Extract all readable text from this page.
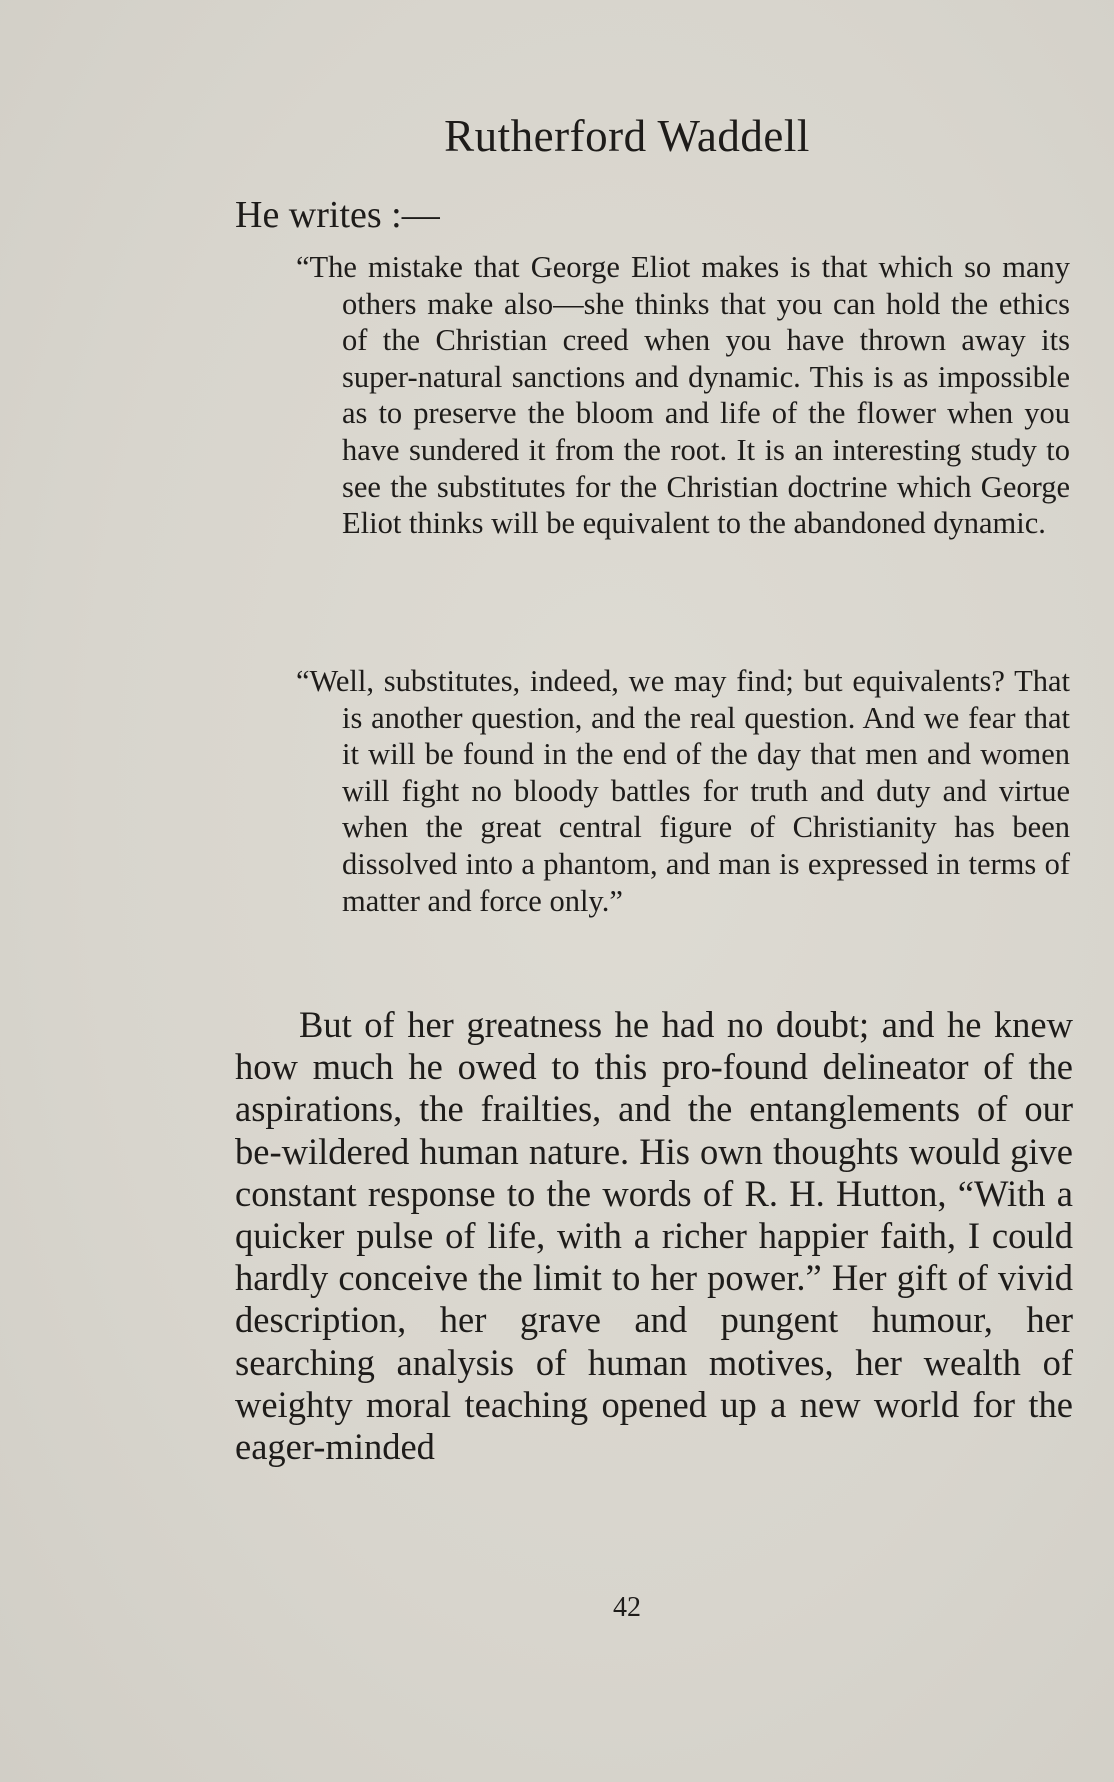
Rutherford Waddell
He writes :—

“The mistake that George Eliot makes is that which so many others make also—she thinks that you can hold the ethics of the Christian creed when you have thrown away its super-natural sanctions and dynamic. This is as impossible as to preserve the bloom and life of the flower when you have sundered it from the root. It is an interesting study to see the substitutes for the Christian doctrine which George Eliot thinks will be equivalent to the abandoned dynamic.

“Well, substitutes, indeed, we may find; but equivalents? That is another question, and the real question. And we fear that it will be found in the end of the day that men and women will fight no bloody battles for truth and duty and virtue when the great central figure of Christianity has been dissolved into a phantom, and man is expressed in terms of matter and force only.”

But of her greatness he had no doubt; and he knew how much he owed to this pro-found delineator of the aspirations, the frailties, and the entanglements of our be-wildered human nature. His own thoughts would give constant response to the words of R. H. Hutton, “With a quicker pulse of life, with a richer happier faith, I could hardly conceive the limit to her power.” Her gift of vivid description, her grave and pungent humour, her searching analysis of human motives, her wealth of weighty moral teaching opened up a new world for the eager-minded

42
